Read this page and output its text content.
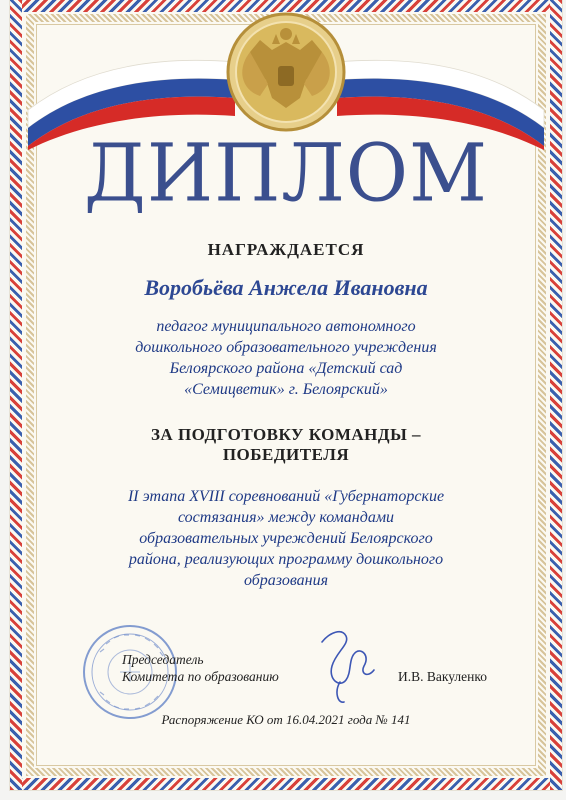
ДИПЛОМ
НАГРАЖДАЕТСЯ
Воробьёва Анжела Ивановна
педагог муниципального автономного
дошкольного образовательного учреждения
Белоярского района «Детский сад
«Семицветик» г. Белоярский»
ЗА ПОДГОТОВКУ КОМАНДЫ –
ПОБЕДИТЕЛЯ
II этапа XVIII соревнований «Губернаторские
состязания» между командами
образовательных учреждений Белоярского
района, реализующих программу дошкольного
образования
Председатель
Комитета по образованию	И.В. Вакуленко
Распоряжение КО от 16.04.2021 года № 141
